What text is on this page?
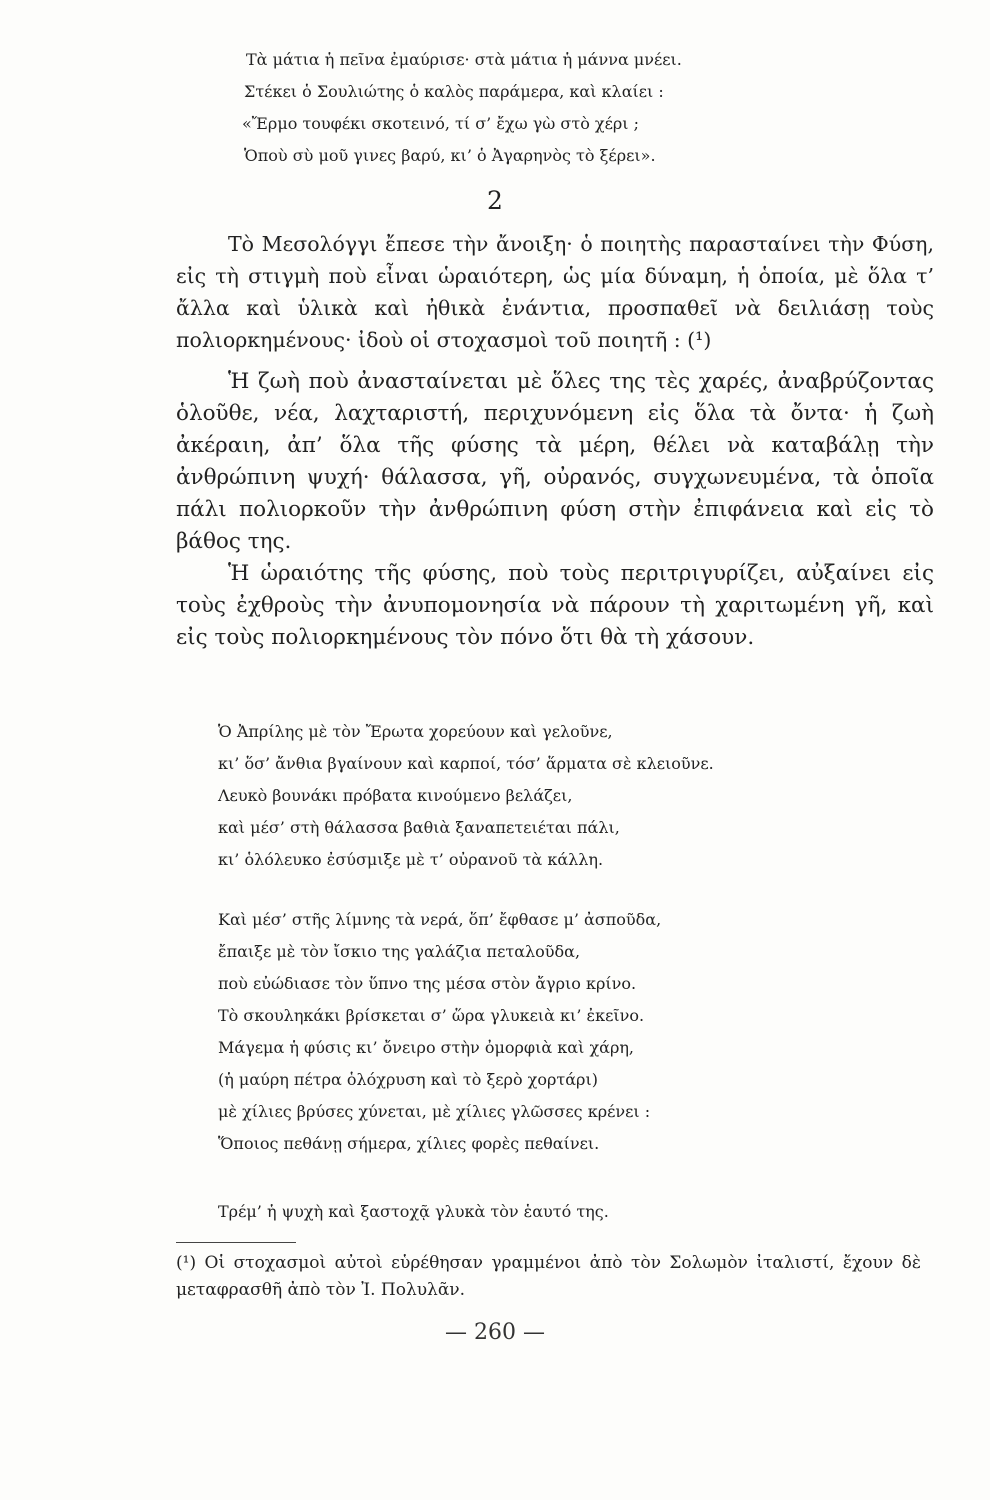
Τὰ μάτια ἡ πεῖνα ἐμαύρισε· στὰ μάτια ἡ μάννα μνέει.
Στέκει ὁ Σουλιώτης ὁ καλὸς παράμερα, καὶ κλαίει :
«Ἔρμο τουφέκι σκοτεινό, τί σ’ ἔχω γὼ στὸ χέρι ;
Ὁποὺ σὺ μοῦ γινες βαρύ, κι’ ὁ Ἀγαρηνὸς τὸ ξέρει».
2

Τὸ Μεσολόγγι ἔπεσε τὴν ἄνοιξη· ὁ ποιητὴς παρασταίνει τὴν Φύση, εἰς τὴ στιγμὴ ποὺ εἶναι ὡραιότερη, ὡς μία δύναμη, ἡ ὁποία, μὲ ὅλα τ’ ἄλλα καὶ ὑλικὰ καὶ ἠθικὰ ἐνάντια, προσπαθεῖ νὰ δειλιάσῃ τοὺς πολιορκημένους· ἰδοὺ οἱ στοχασμοὶ τοῦ ποιητῆ : (¹)

Ἡ ζωὴ ποὺ ἀνασταίνεται μὲ ὅλες της τὲς χαρές, ἀναβρύζοντας ὁλοῦθε, νέα, λαχταριστή, περιχυνόμενη εἰς ὅλα τὰ ὄντα· ἡ ζωὴ ἀκέραιη, ἀπ’ ὅλα τῆς φύσης τὰ μέρη, θέλει νὰ καταβάλῃ τὴν ἀνθρώπινη ψυχή· θάλασσα, γῆ, οὐρανός, συγχωνευμένα, τὰ ὁποῖα πάλι πολιορκοῦν τὴν ἀνθρώπινη φύση στὴν ἐπιφάνεια καὶ εἰς τὸ βάθος της.

Ἡ ὡραιότης τῆς φύσης, ποὺ τοὺς περιτριγυρίζει, αὐξαίνει εἰς τοὺς ἐχθροὺς τὴν ἀνυπομονησία νὰ πάρουν τὴ χαριτωμένη γῆ, καὶ εἰς τοὺς πολιορκημένους τὸν πόνο ὅτι θὰ τὴ χάσουν.

Ὁ Ἀπρίλης μὲ τὸν Ἔρωτα χορεύουν καὶ γελοῦνε,
κι’ ὅσ’ ἄνθια βγαίνουν καὶ καρποί, τόσ’ ἅρματα σὲ κλειοῦνε.
Λευκὸ βουνάκι πρόβατα κινούμενο βελάζει,
καὶ μέσ’ στὴ θάλασσα βαθιὰ ξαναπετειέται πάλι,
κι’ ὁλόλευκο ἐσύσμιξε μὲ τ’ οὐρανοῦ τὰ κάλλη.
Καὶ μέσ’ στῆς λίμνης τὰ νερά, ὅπ’ ἔφθασε μ’ ἀσποῦδα,
ἔπαιξε μὲ τὸν ἴσκιο της γαλάζια πεταλοῦδα,
ποὺ εὐώδιασε τὸν ὕπνο της μέσα στὸν ἄγριο κρίνο.
Τὸ σκουληκάκι βρίσκεται σ’ ὥρα γλυκειὰ κι’ ἐκεῖνο.
Μάγεμα ἡ φύσις κι’ ὄνειρο στὴν ὀμορφιὰ καὶ χάρη,
(ἡ μαύρη πέτρα ὁλόχρυση καὶ τὸ ξερὸ χορτάρι)
μὲ χίλιες βρύσες χύνεται, μὲ χίλιες γλῶσσες κρένει :
Ὅποιος πεθάνῃ σήμερα, χίλιες φορὲς πεθαίνει.
Τρέμ’ ἡ ψυχὴ καὶ ξαστοχᾷ γλυκὰ τὸν ἑαυτό της.
(¹) Οἱ στοχασμοὶ αὐτοὶ εὑρέθησαν γραμμένοι ἀπὸ τὸν Σολωμὸν ἰταλιστί, ἔχουν δὲ μεταφρασθῆ ἀπὸ τὸν Ἰ. Πολυλᾶν.
— 260 —
